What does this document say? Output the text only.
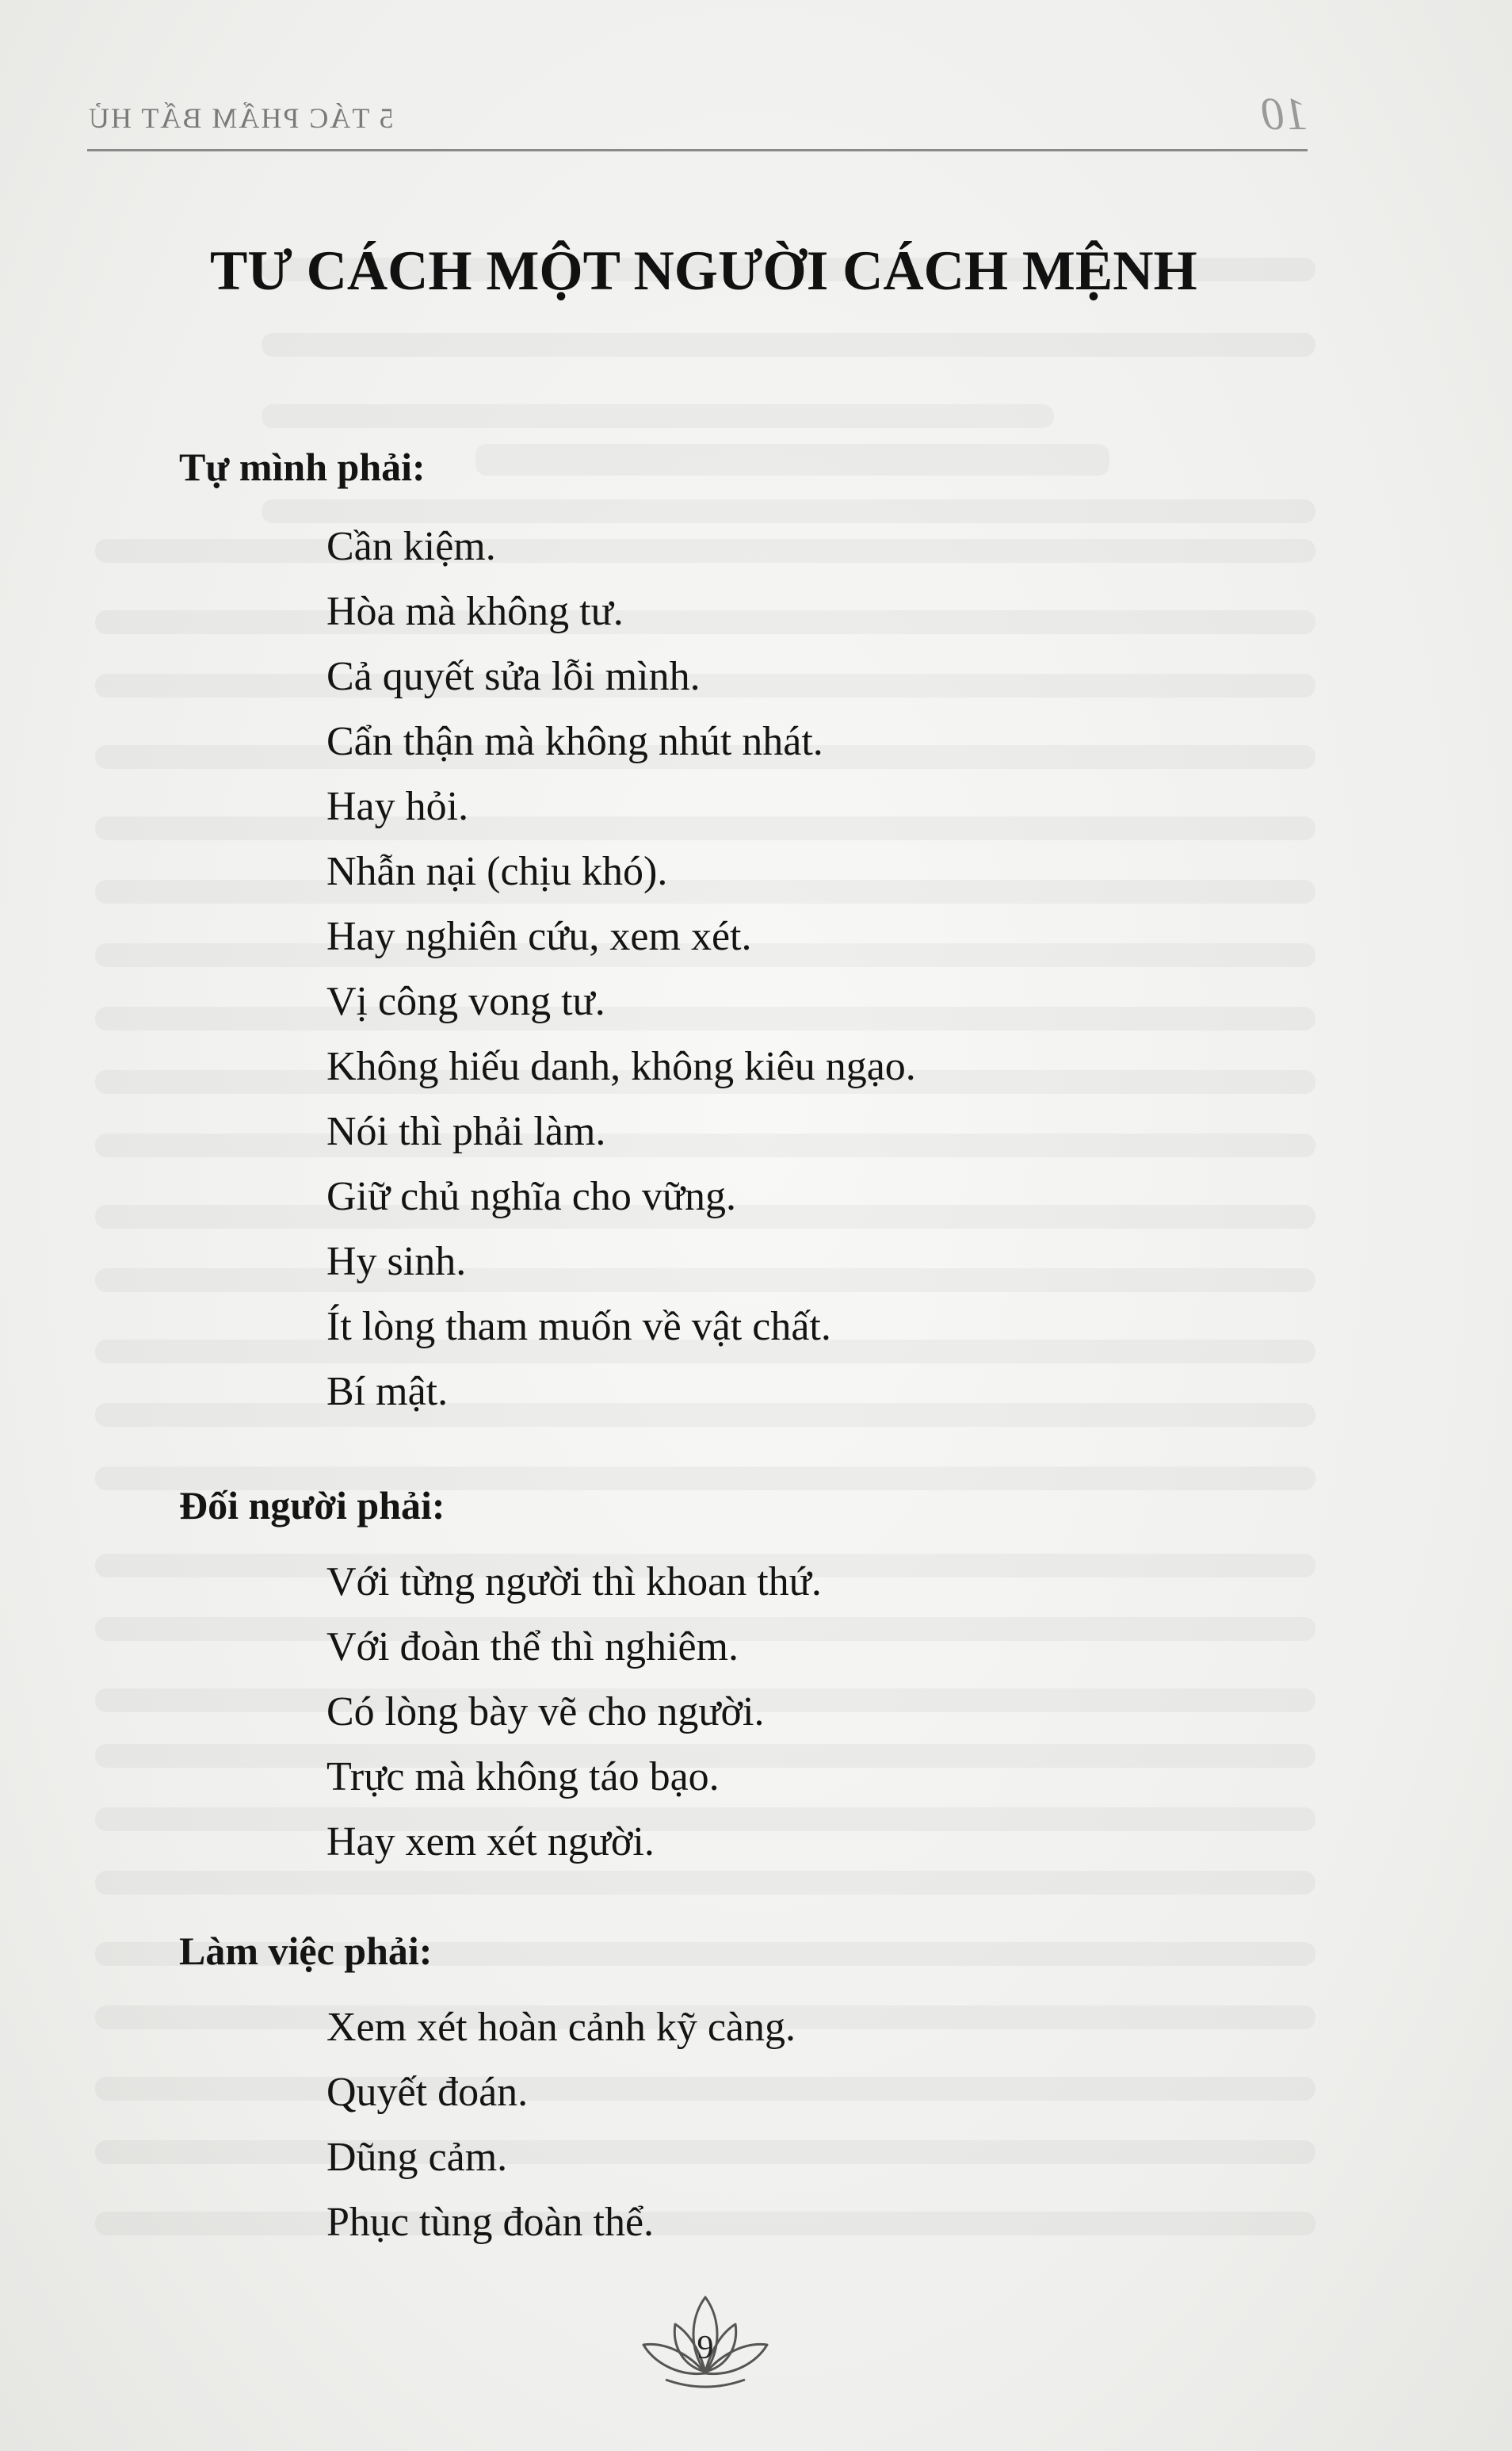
5 TÁC PHẨM BẤT HỦ	10
TƯ CÁCH MỘT NGƯỜI CÁCH MỆNH
Tự mình phải:
Cần kiệm.
Hòa mà không tư.
Cả quyết sửa lỗi mình.
Cẩn thận mà không nhút nhát.
Hay hỏi.
Nhẫn nại (chịu khó).
Hay nghiên cứu, xem xét.
Vị công vong tư.
Không hiếu danh, không kiêu ngạo.
Nói thì phải làm.
Giữ chủ nghĩa cho vững.
Hy sinh.
Ít lòng tham muốn về vật chất.
Bí mật.
Đối người phải:
Với từng người thì khoan thứ.
Với đoàn thể thì nghiêm.
Có lòng bày vẽ cho người.
Trực mà không táo bạo.
Hay xem xét người.
Làm việc phải:
Xem xét hoàn cảnh kỹ càng.
Quyết đoán.
Dũng cảm.
Phục tùng đoàn thể.
9
